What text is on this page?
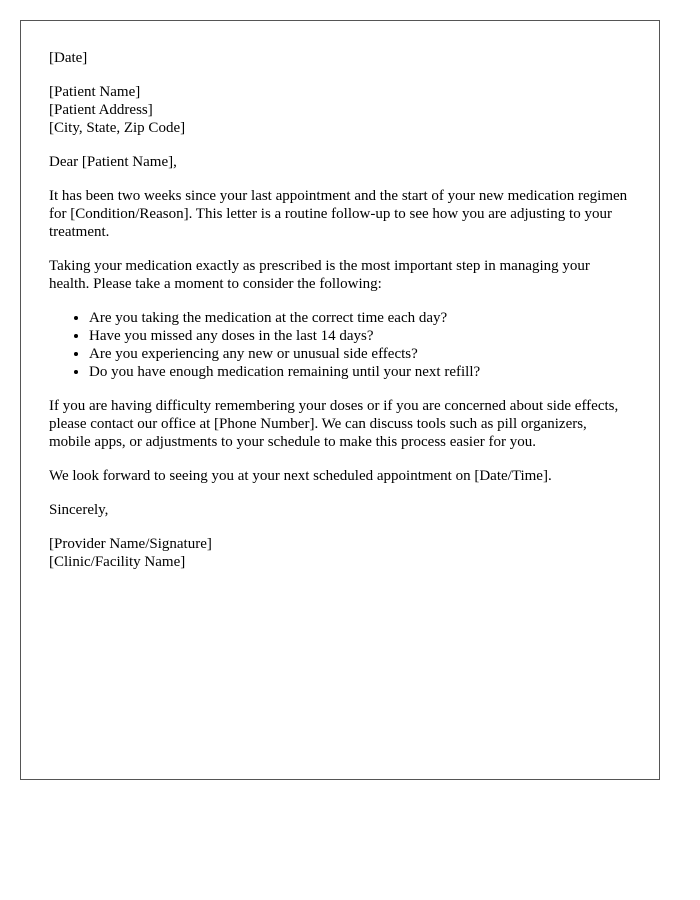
[Date]
[Patient Name]
[Patient Address]
[City, State, Zip Code]

Dear [Patient Name],

It has been two weeks since your last appointment and the start of your new medication regimen for [Condition/Reason]. This letter is a routine follow-up to see how you are adjusting to your treatment.

Taking your medication exactly as prescribed is the most important step in managing your health. Please take a moment to consider the following:

• Are you taking the medication at the correct time each day?
• Have you missed any doses in the last 14 days?
• Are you experiencing any new or unusual side effects?
• Do you have enough medication remaining until your next refill?

If you are having difficulty remembering your doses or if you are concerned about side effects, please contact our office at [Phone Number]. We can discuss tools such as pill organizers, mobile apps, or adjustments to your schedule to make this process easier for you.

We look forward to seeing you at your next scheduled appointment on [Date/Time].

Sincerely,

[Provider Name/Signature]
[Clinic/Facility Name]
